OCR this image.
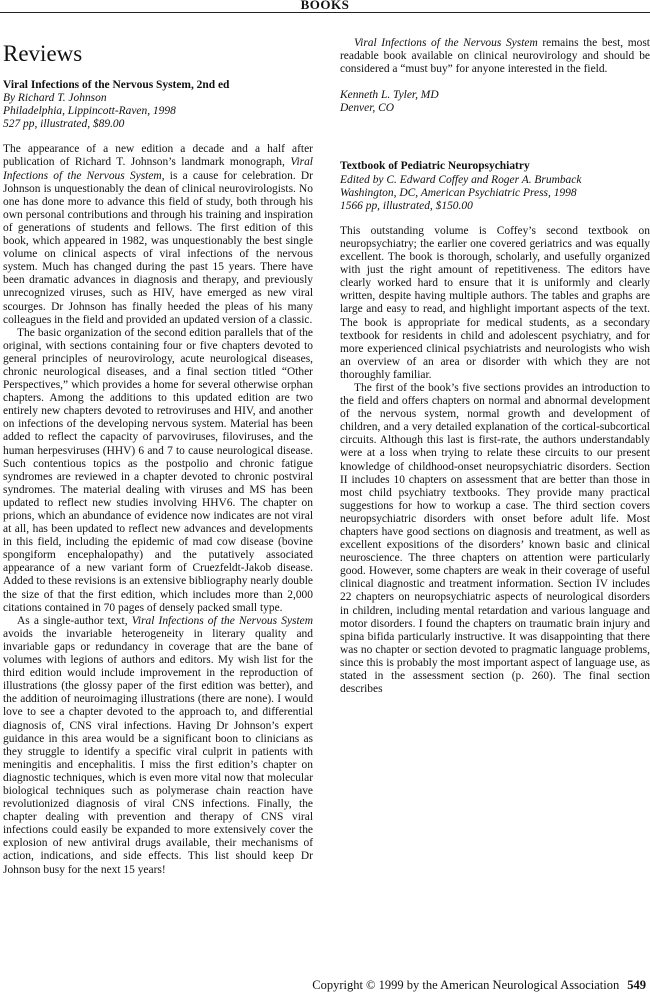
BOOKS
Reviews

Viral Infections of the Nervous System, 2nd ed

By Richard T. Johnson

Philadelphia, Lippincott-Raven, 1998

527 pp, illustrated, $89.00

The appearance of a new edition a decade and a half after publication of Richard T. Johnson’s landmark monograph, Viral Infections of the Nervous System, is a cause for celebration. Dr Johnson is unquestionably the dean of clinical neurovirologists. No one has done more to advance this field of study, both through his own personal contributions and through his training and inspiration of generations of students and fellows. The first edition of this book, which appeared in 1982, was unquestionably the best single volume on clinical aspects of viral infections of the nervous system. Much has changed during the past 15 years. There have been dramatic advances in diagnosis and therapy, and previously unrecognized viruses, such as HIV, have emerged as new viral scourges. Dr Johnson has finally heeded the pleas of his many colleagues in the field and provided an updated version of a classic.

The basic organization of the second edition parallels that of the original, with sections containing four or five chapters devoted to general principles of neurovirology, acute neurological diseases, chronic neurological diseases, and a final section titled “Other Perspectives,” which provides a home for several otherwise orphan chapters. Among the additions to this updated edition are two entirely new chapters devoted to retroviruses and HIV, and another on infections of the developing nervous system. Material has been added to reflect the capacity of parvoviruses, filoviruses, and the human herpesviruses (HHV) 6 and 7 to cause neurological disease. Such contentious topics as the postpolio and chronic fatigue syndromes are reviewed in a chapter devoted to chronic postviral syndromes. The material dealing with viruses and MS has been updated to reflect new studies involving HHV6. The chapter on prions, which an abundance of evidence now indicates are not viral at all, has been updated to reflect new advances and developments in this field, including the epidemic of mad cow disease (bovine spongiform encephalopathy) and the putatively associated appearance of a new variant form of Cruezfeldt-Jakob disease. Added to these revisions is an extensive bibliography nearly double the size of that the first edition, which includes more than 2,000 citations contained in 70 pages of densely packed small type.

As a single-author text, Viral Infections of the Nervous System avoids the invariable heterogeneity in literary quality and invariable gaps or redundancy in coverage that are the bane of volumes with legions of authors and editors. My wish list for the third edition would include improvement in the reproduction of illustrations (the glossy paper of the first edition was better), and the addition of neuroimaging illustrations (there are none). I would love to see a chapter devoted to the approach to, and differential diagnosis of, CNS viral infections. Having Dr Johnson’s expert guidance in this area would be a significant boon to clinicians as they struggle to identify a specific viral culprit in patients with meningitis and encephalitis. I miss the first edition’s chapter on diagnostic techniques, which is even more vital now that molecular biological techniques such as polymerase chain reaction have revolutionized diagnosis of viral CNS infections. Finally, the chapter dealing with prevention and therapy of CNS viral infections could easily be expanded to more extensively cover the explosion of new antiviral drugs available, their mechanisms of action, indications, and side effects. This list should keep Dr Johnson busy for the next 15 years!

Viral Infections of the Nervous System remains the best, most readable book available on clinical neurovirology and should be considered a “must buy” for anyone interested in the field.

Kenneth L. Tyler, MD
Denver, CO

Textbook of Pediatric Neuropsychiatry

Edited by C. Edward Coffey and Roger A. Brumback

Washington, DC, American Psychiatric Press, 1998

1566 pp, illustrated, $150.00

This outstanding volume is Coffey’s second textbook on neuropsychiatry; the earlier one covered geriatrics and was equally excellent. The book is thorough, scholarly, and usefully organized with just the right amount of repetitiveness. The editors have clearly worked hard to ensure that it is uniformly and clearly written, despite having multiple authors. The tables and graphs are large and easy to read, and highlight important aspects of the text. The book is appropriate for medical students, as a secondary textbook for residents in child and adolescent psychiatry, and for more experienced clinical psychiatrists and neurologists who wish an overview of an area or disorder with which they are not thoroughly familiar.

The first of the book’s five sections provides an introduction to the field and offers chapters on normal and abnormal development of the nervous system, normal growth and development of children, and a very detailed explanation of the cortical-subcortical circuits. Although this last is first-rate, the authors understandably were at a loss when trying to relate these circuits to our present knowledge of childhood-onset neuropsychiatric disorders. Section II includes 10 chapters on assessment that are better than those in most child psychiatry textbooks. They provide many practical suggestions for how to workup a case. The third section covers neuropsychiatric disorders with onset before adult life. Most chapters have good sections on diagnosis and treatment, as well as excellent expositions of the disorders’ known basic and clinical neuroscience. The three chapters on attention were particularly good. However, some chapters are weak in their coverage of useful clinical diagnostic and treatment information. Section IV includes 22 chapters on neuropsychiatric aspects of neurological disorders in children, including mental retardation and various language and motor disorders. I found the chapters on traumatic brain injury and spina bifida particularly instructive. It was disappointing that there was no chapter or section devoted to pragmatic language problems, since this is probably the most important aspect of language use, as stated in the assessment section (p. 260). The final section describes

Copyright © 1999 by the American Neurological Association 549
